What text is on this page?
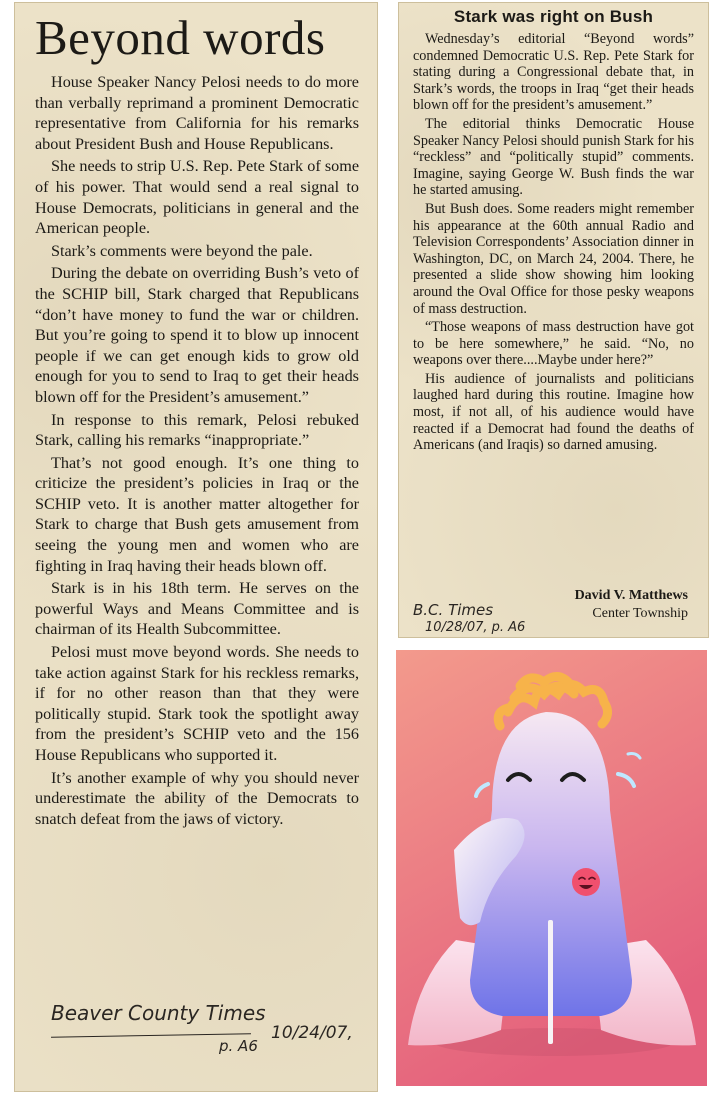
Beyond words

House Speaker Nancy Pelosi needs to do more than verbally reprimand a prominent Democratic representative from California for his remarks about President Bush and House Republicans.

She needs to strip U.S. Rep. Pete Stark of some of his power. That would send a real signal to House Democrats, politicians in general and the American people.

Stark’s comments were beyond the pale.

During the debate on overriding Bush’s veto of the SCHIP bill, Stark charged that Republicans “don’t have money to fund the war or children. But you’re going to spend it to blow up innocent people if we can get enough kids to grow old enough for you to send to Iraq to get their heads blown off for the President’s amusement.”

In response to this remark, Pelosi rebuked Stark, calling his remarks “inappropriate.”

That’s not good enough. It’s one thing to criticize the president’s policies in Iraq or the SCHIP veto. It is another matter altogether for Stark to charge that Bush gets amusement from seeing the young men and women who are fighting in Iraq having their heads blown off.

Stark is in his 18th term. He serves on the powerful Ways and Means Committee and is chairman of its Health Subcommittee.

Pelosi must move beyond words. She needs to take action against Stark for his reckless remarks, if for no other reason than that they were politically stupid. Stark took the spotlight away from the president’s SCHIP veto and the 156 House Republicans who supported it.

It’s another example of why you should never underestimate the ability of the Democrats to snatch defeat from the jaws of victory.

Beaver County Times
10/24/07,
p. A6
Stark was right on Bush

Wednesday’s editorial “Beyond words” condemned Democratic U.S. Rep. Pete Stark for stating during a Congressional debate that, in Stark’s words, the troops in Iraq “get their heads blown off for the president’s amusement.”

The editorial thinks Democratic House Speaker Nancy Pelosi should punish Stark for his “reckless” and “politically stupid” comments. Imagine, saying George W. Bush finds the war he started amusing.

But Bush does. Some readers might remember his appearance at the 60th annual Radio and Television Correspondents’ Association dinner in Washington, DC, on March 24, 2004. There, he presented a slide show showing him looking around the Oval Office for those pesky weapons of mass destruction.

“Those weapons of mass destruction have got to be here somewhere,” he said. “No, no weapons over there....Maybe under here?”

His audience of journalists and politicians laughed hard during this routine. Imagine how most, if not all, of his audience would have reacted if a Democrat had found the deaths of Americans (and Iraqis) so darned amusing.

B.C. Times
10/28/07, p. A6
David V. Matthews
Center Township
